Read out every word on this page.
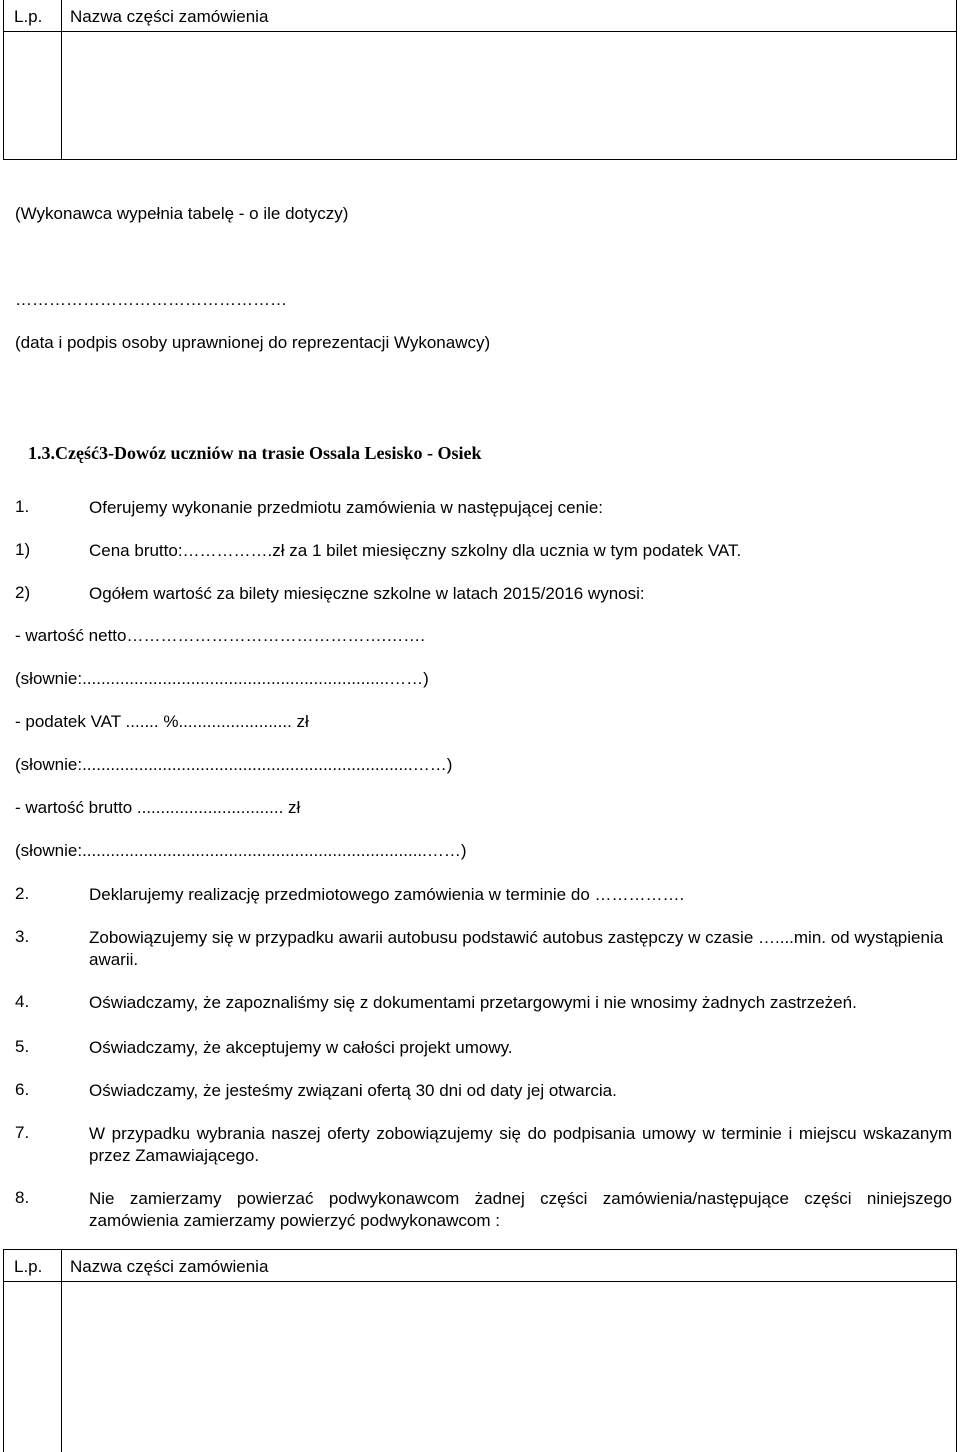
L.p. Nazwa części zamówienia
(Wykonawca wypełnia tabelę - o ile dotyczy)
…………………………………………
(data i podpis osoby uprawnionej do reprezentacji Wykonawcy)
1.3.Część3-Dowóz uczniów na trasie Ossala Lesisko - Osiek
1.	Oferujemy wykonanie przedmiotu zamówienia w następującej cenie:
1)	Cena brutto:…………….zł za 1 bilet miesięczny szkolny dla ucznia w tym podatek VAT.
2)	Ogółem wartość za bilety miesięczne szkolne w latach 2015/2016 wynosi:
- wartość netto……………………………………….…….
(słownie:.................................................................……)
- podatek VAT ....... %........................ zł
(słownie:......................................................................……)
- wartość brutto ............................... zł
(słownie:.........................................................................……)
2.	Deklarujemy realizację przedmiotowego zamówienia w terminie do …………….
3.	Zobowiązujemy się w przypadku awarii autobusu podstawić autobus zastępczy w czasie …....min. od wystąpienia awarii.
4.	Oświadczamy, że zapoznaliśmy się z dokumentami przetargowymi i nie wnosimy żadnych zastrzeżeń.
5.	Oświadczamy, że akceptujemy w całości projekt umowy.
6.	Oświadczamy, że jesteśmy związani ofertą 30 dni od daty jej otwarcia.
7.	W przypadku wybrania naszej oferty zobowiązujemy się do podpisania umowy w terminie i miejscu wskazanym przez Zamawiającego.
8.	Nie zamierzamy powierzać podwykonawcom żadnej części zamówienia/następujące części niniejszego zamówienia zamierzamy powierzyć podwykonawcom :
L.p. Nazwa części zamówienia
